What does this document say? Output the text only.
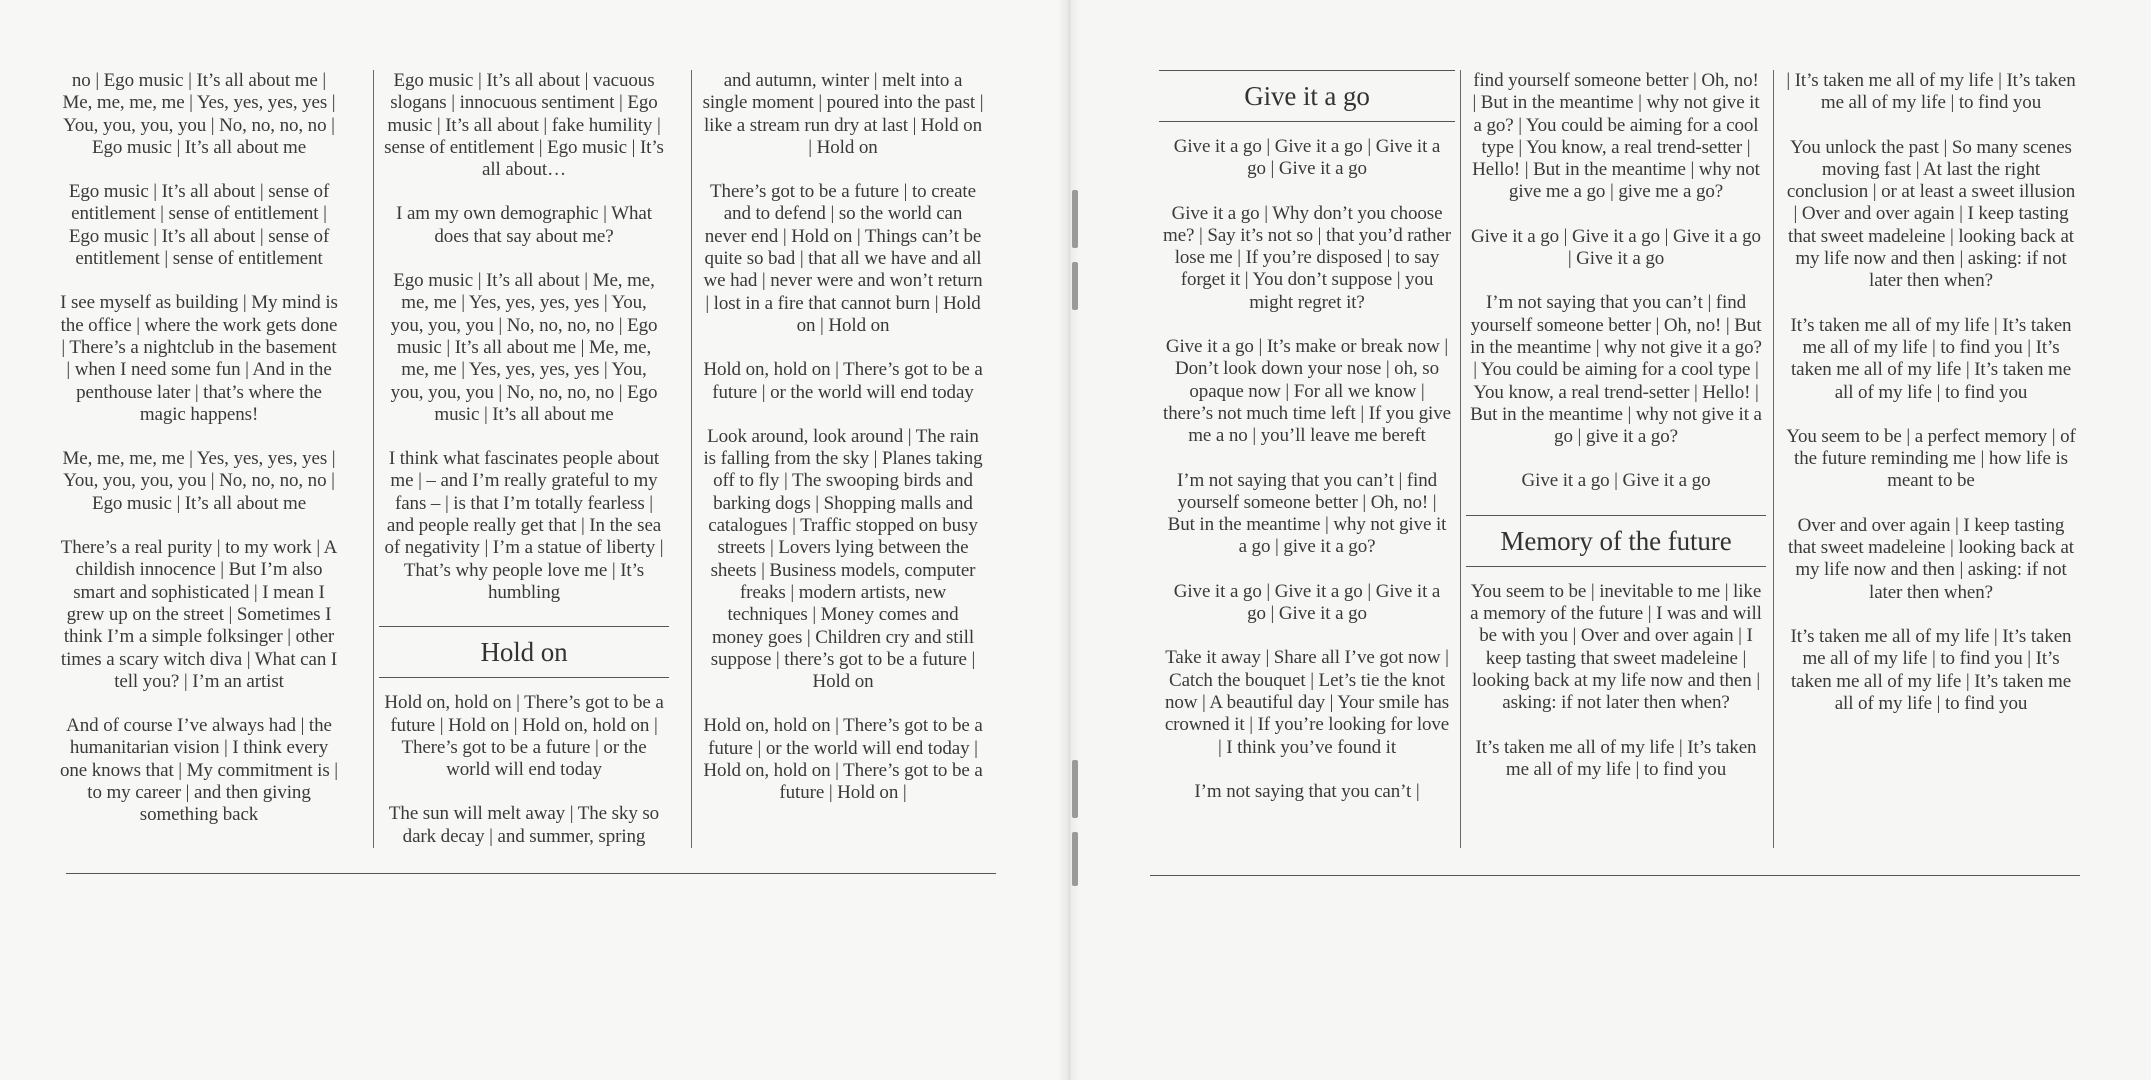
no | Ego music | It’s all about me | Me, me, me, me | Yes, yes, yes, yes | You, you, you, you | No, no, no, no | Ego music | It’s all about me

Ego music | It’s all about | sense of entitlement | sense of entitlement | Ego music | It’s all about | sense of entitlement | sense of entitlement

I see myself as building | My mind is the office | where the work gets done | There’s a nightclub in the basement | when I need some fun | And in the penthouse later | that’s where the magic happens!

Me, me, me, me | Yes, yes, yes, yes | You, you, you, you | No, no, no, no | Ego music | It’s all about me

There’s a real purity | to my work | A childish innocence | But I’m also smart and sophisticated | I mean I grew up on the street | Sometimes I think I’m a simple folksinger | other times a scary witch diva | What can I tell you? | I’m an artist

And of course I’ve always had | the humanitarian vision | I think every one knows that | My commitment is | to my career | and then giving something back

Ego music | It’s all about | vacuous slogans | innocuous sentiment | Ego music | It’s all about | fake humility | sense of entitlement | Ego music | It’s all about…

I am my own demographic | What does that say about me?

Ego music | It’s all about | Me, me, me, me | Yes, yes, yes, yes | You, you, you, you | No, no, no, no | Ego music | It’s all about me | Me, me, me, me | Yes, yes, yes, yes | You, you, you, you | No, no, no, no | Ego music | It’s all about me

I think what fascinates people about me | – and I’m really grateful to my fans – | is that I’m totally fearless | and people really get that | In the sea of negativity | I’m a statue of liberty | That’s why people love me | It’s humbling

Hold on

Hold on, hold on | There’s got to be a future | Hold on | Hold on, hold on | There’s got to be a future | or the world will end today

The sun will melt away | The sky so dark decay | and summer, spring

and autumn, winter | melt into a single moment | poured into the past | like a stream run dry at last | Hold on | Hold on

There’s got to be a future | to create and to defend | so the world can never end | Hold on | Things can’t be quite so bad | that all we have and all we had | never were and won’t return | lost in a fire that cannot burn | Hold on | Hold on

Hold on, hold on | There’s got to be a future | or the world will end today

Look around, look around | The rain is falling from the sky | Planes taking off to fly | The swooping birds and barking dogs | Shopping malls and catalogues | Traffic stopped on busy streets | Lovers lying between the sheets | Business models, computer freaks | modern artists, new techniques | Money comes and money goes | Children cry and still suppose | there’s got to be a future | Hold on

Hold on, hold on | There’s got to be a future | or the world will end today | Hold on, hold on | There’s got to be a future | Hold on |

Give it a go

Give it a go | Give it a go | Give it a go | Give it a go

Give it a go | Why don’t you choose me? | Say it’s not so | that you’d rather lose me | If you’re disposed | to say forget it | You don’t suppose | you might regret it?

Give it a go | It’s make or break now | Don’t look down your nose | oh, so opaque now | For all we know | there’s not much time left | If you give me a no | you’ll leave me bereft

I’m not saying that you can’t | find yourself someone better | Oh, no! | But in the meantime | why not give it a go | give it a go?

Give it a go | Give it a go | Give it a go | Give it a go

Take it away | Share all I’ve got now | Catch the bouquet | Let’s tie the knot now | A beautiful day | Your smile has crowned it | If you’re looking for love | I think you’ve found it

I’m not saying that you can’t |

find yourself someone better | Oh, no! | But in the meantime | why not give it a go? | You could be aiming for a cool type | You know, a real trend-setter | Hello! | But in the meantime | why not give me a go | give me a go?

Give it a go | Give it a go | Give it a go | Give it a go

I’m not saying that you can’t | find yourself someone better | Oh, no! | But in the meantime | why not give it a go? | You could be aiming for a cool type | You know, a real trend-setter | Hello! | But in the meantime | why not give it a go | give it a go?

Give it a go | Give it a go

Memory of the future

You seem to be | inevitable to me | like a memory of the future | I was and will be with you | Over and over again | I keep tasting that sweet madeleine | looking back at my life now and then | asking: if not later then when?

It’s taken me all of my life | It’s taken me all of my life | to find you

| It’s taken me all of my life | It’s taken me all of my life | to find you

You unlock the past | So many scenes moving fast | At last the right conclusion | or at least a sweet illusion | Over and over again | I keep tasting that sweet madeleine | looking back at my life now and then | asking: if not later then when?

It’s taken me all of my life | It’s taken me all of my life | to find you | It’s taken me all of my life | It’s taken me all of my life | to find you

You seem to be | a perfect memory | of the future reminding me | how life is meant to be

Over and over again | I keep tasting that sweet madeleine | looking back at my life now and then | asking: if not later then when?

It’s taken me all of my life | It’s taken me all of my life | to find you | It’s taken me all of my life | It’s taken me all of my life | to find you
